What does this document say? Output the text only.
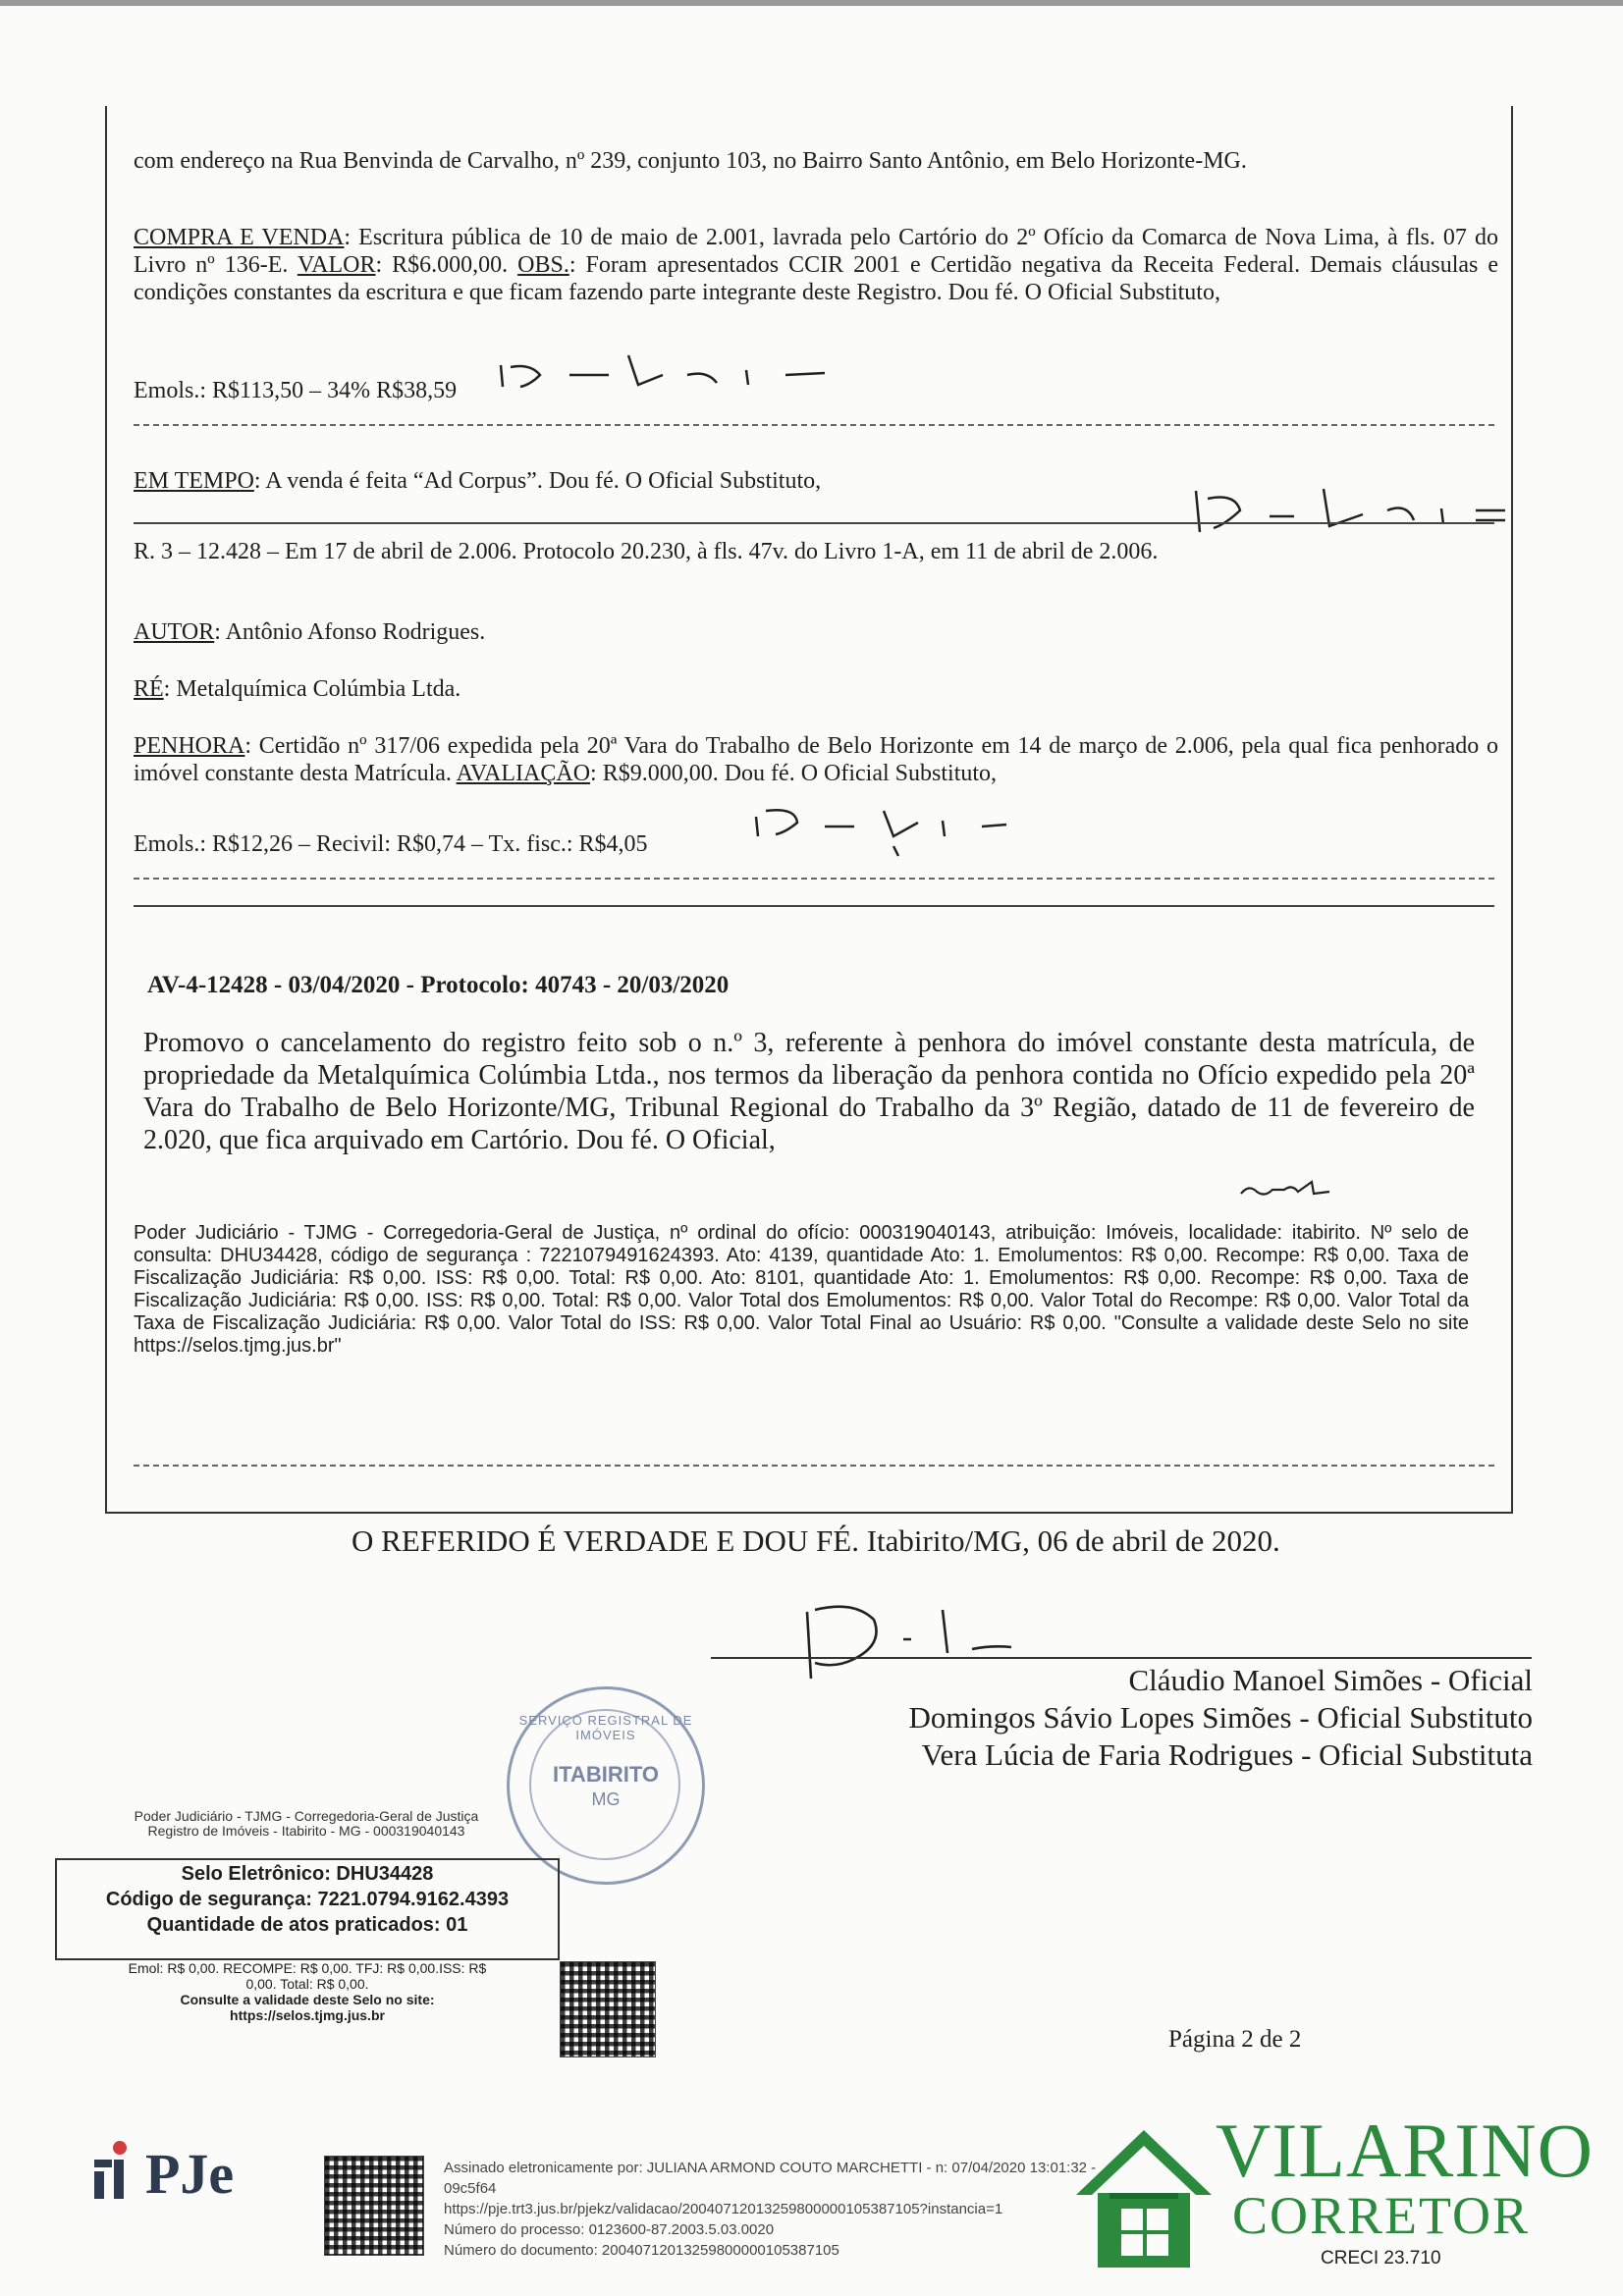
com endereço na Rua Benvinda de Carvalho, nº 239, conjunto 103, no Bairro Santo Antônio, em Belo Horizonte-MG.

COMPRA E VENDA: Escritura pública de 10 de maio de 2.001, lavrada pelo Cartório do 2º Ofício da Comarca de Nova Lima, à fls. 07 do Livro nº 136-E. VALOR: R$6.000,00. OBS.: Foram apresentados CCIR 2001 e Certidão negativa da Receita Federal. Demais cláusulas e condições constantes da escritura e que ficam fazendo parte integrante deste Registro. Dou fé. O Oficial Substituto,

Emols.: R$113,50 – 34% R$38,59

EM TEMPO: A venda é feita “Ad Corpus”. Dou fé. O Oficial Substituto,

R. 3 – 12.428 – Em 17 de abril de 2.006. Protocolo 20.230, à fls. 47v. do Livro 1-A, em 11 de abril de 2.006.

AUTOR: Antônio Afonso Rodrigues.

RÉ: Metalquímica Colúmbia Ltda.

PENHORA: Certidão nº 317/06 expedida pela 20ª Vara do Trabalho de Belo Horizonte em 14 de março de 2.006, pela qual fica penhorado o imóvel constante desta Matrícula. AVALIAÇÃO: R$9.000,00. Dou fé. O Oficial Substituto,

Emols.: R$12,26 – Recivil: R$0,74 – Tx. fisc.: R$4,05

AV-4-12428 - 03/04/2020 - Protocolo: 40743 - 20/03/2020

Promovo o cancelamento do registro feito sob o n.º 3, referente à penhora do imóvel constante desta matrícula, de propriedade da Metalquímica Colúmbia Ltda., nos termos da liberação da penhora contida no Ofício expedido pela 20ª Vara do Trabalho de Belo Horizonte/MG, Tribunal Regional do Trabalho da 3º Região, datado de 11 de fevereiro de 2.020, que fica arquivado em Cartório. Dou fé. O Oficial,

Poder Judiciário - TJMG - Corregedoria-Geral de Justiça, nº ordinal do ofício: 000319040143, atribuição: Imóveis, localidade: itabirito. Nº selo de consulta: DHU34428, código de segurança : 7221079491624393. Ato: 4139, quantidade Ato: 1. Emolumentos: R$ 0,00. Recompe: R$ 0,00. Taxa de Fiscalização Judiciária: R$ 0,00. ISS: R$ 0,00. Total: R$ 0,00. Ato: 8101, quantidade Ato: 1. Emolumentos: R$ 0,00. Recompe: R$ 0,00. Taxa de Fiscalização Judiciária: R$ 0,00. ISS: R$ 0,00. Total: R$ 0,00. Valor Total dos Emolumentos: R$ 0,00. Valor Total do Recompe: R$ 0,00. Valor Total da Taxa de Fiscalização Judiciária: R$ 0,00. Valor Total do ISS: R$ 0,00. Valor Total Final ao Usuário: R$ 0,00. "Consulte a validade deste Selo no site https://selos.tjmg.jus.br"

O REFERIDO É VERDADE E DOU FÉ. Itabirito/MG, 06 de abril de 2020.
Cláudio Manoel Simões - Oficial
Domingos Sávio Lopes Simões - Oficial Substituto
Vera Lúcia de Faria Rodrigues - Oficial Substituta
SERVIÇO REGISTRAL DE IMÓVEIS
ITABIRITO
MG
Poder Judiciário - TJMG - Corregedoria-Geral de Justiça
Registro de Imóveis - Itabirito - MG - 000319040143
Selo Eletrônico: DHU34428
Código de segurança: 7221.0794.9162.4393
Quantidade de atos praticados: 01
Emol: R$ 0,00. RECOMPE: R$ 0,00. TFJ: R$ 0,00.ISS: R$
0,00. Total: R$ 0,00.
Consulte a validade deste Selo no site:
https://selos.tjmg.jus.br
Página 2 de 2
PJe	Assinado eletronicamente por: JULIANA ARMOND COUTO MARCHETTI - n: 07/04/2020 13:01:32 - 09c5f64
https://pje.trt3.jus.br/pjekz/validacao/20040712013259800000105387105?instancia=1
Número do processo: 0123600-87.2003.5.03.0020
Número do documento: 20040712013259800000105387105
VILARINO
CORRETOR
CRECI 23.710
